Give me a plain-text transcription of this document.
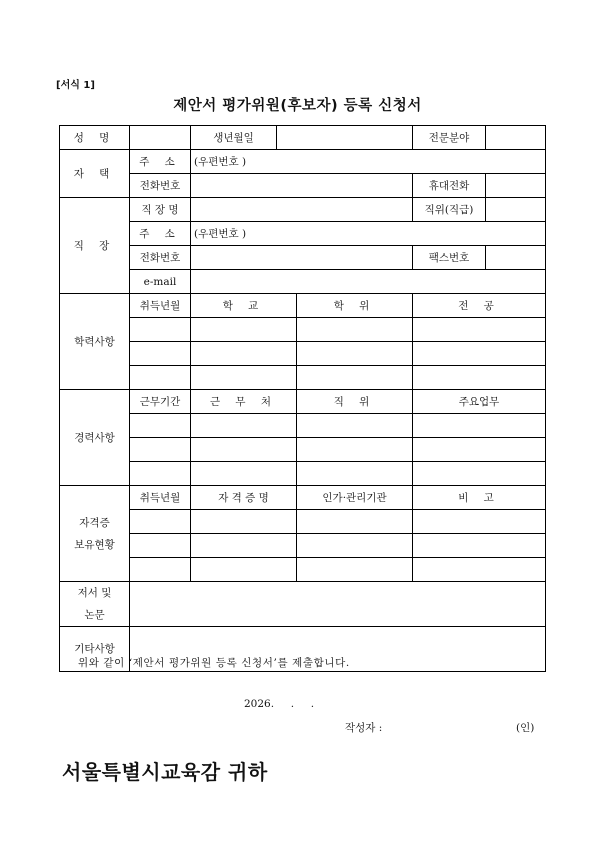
[서식 1]
제안서 평가위원(후보자) 등록 신청서
성 명		생년월일			전문분야	
자 택	주 소	(우편번호 )				
	전화번호				휴대전화	
직 장	직 장 명				직위(직급)	
	주 소	(우편번호 )				
	전화번호				팩스번호	
	e-mail					
학력사항	취득년월	학 교		학 위	전 공	

경력사항	근무기간	근 무 처		직 위	주요업무	

자격증
보유현황	취득년월	자 격 증 명		인가·관리기관	비 고	

저서 및
논문						
기타사항						
위와 같이 ‘제안서 평가위원 등록 신청서’를 제출합니다.
2026.     .     .
작성자 :	(인)
서울특별시교육감 귀하
